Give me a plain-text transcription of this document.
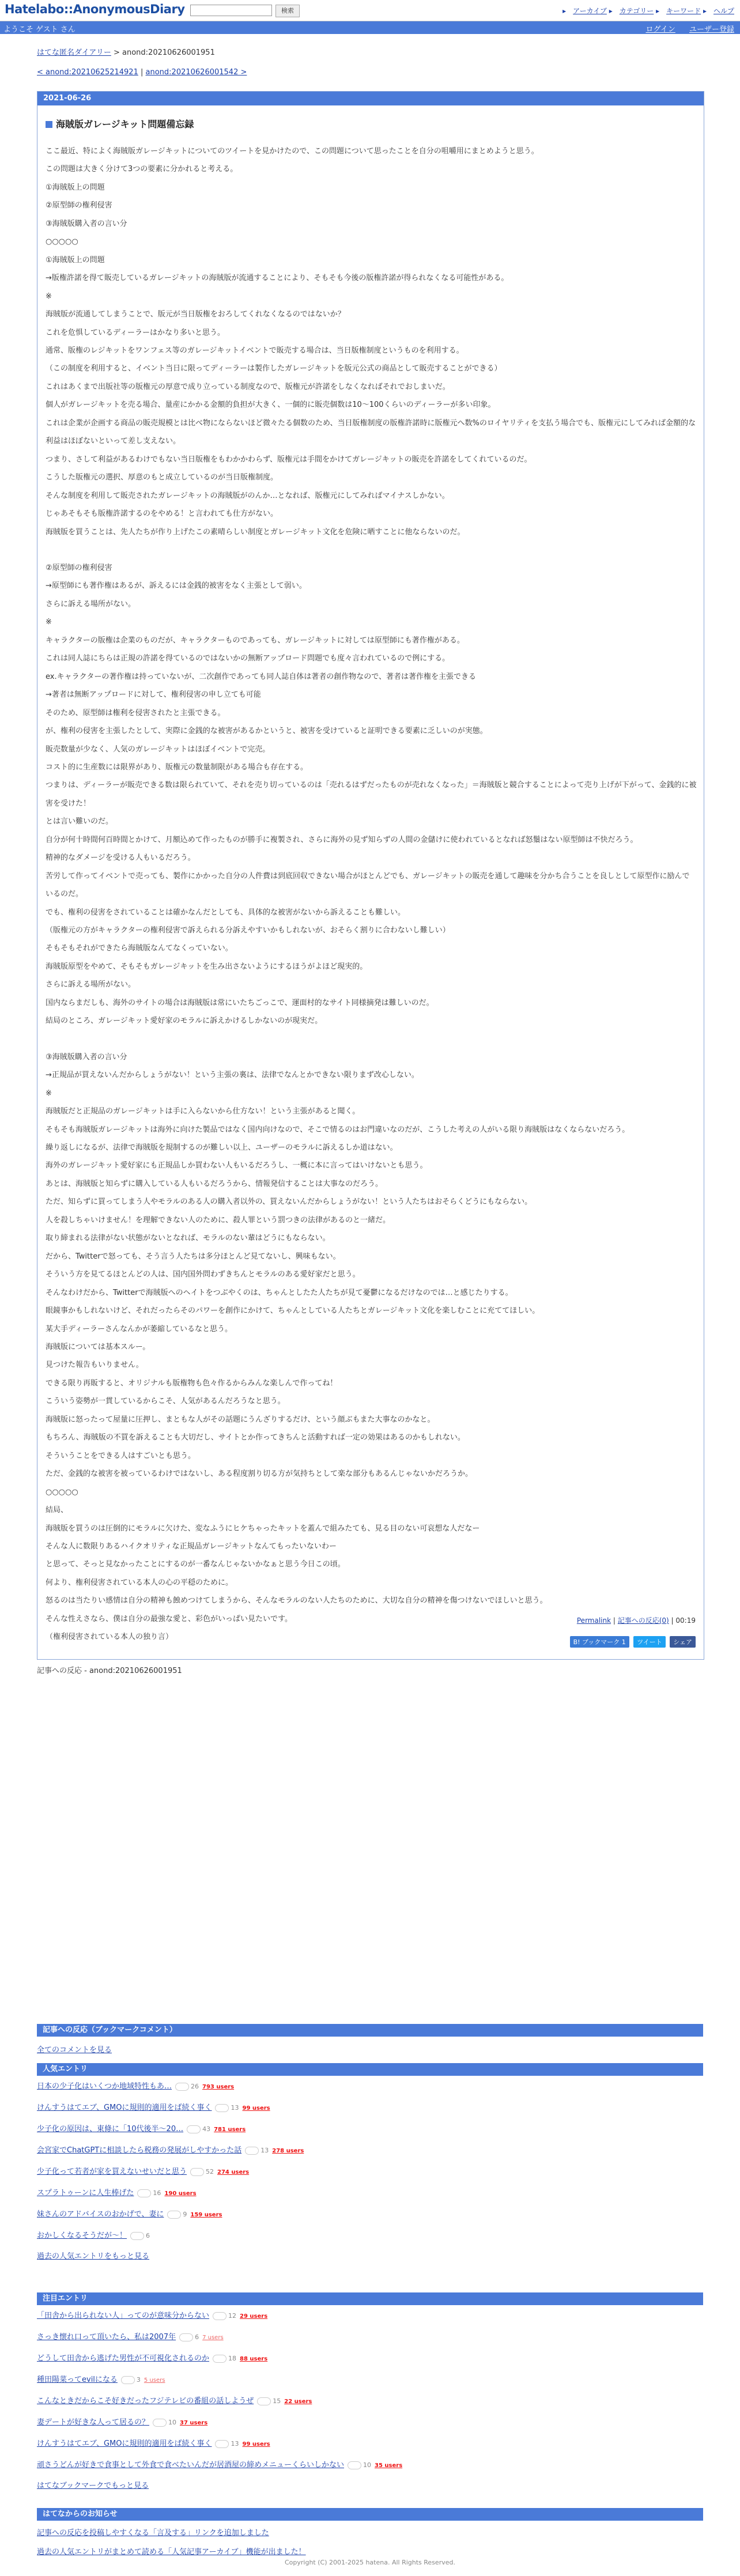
Hatelabo::AnonymousDiary	検索	▸ アーカイブ ▸ カテゴリー ▸ キーワード ▸ ヘルプ
ようこそ ゲスト さん	ログイン ユーザー登録
はてな匿名ダイアリー > anond:20210626001951
< anond:20210625214921 | anond:20210626001542 >
2021-06-26
海賊版ガレージキット問題備忘録
ここ最近、特によく海賊版ガレージキットについてのツイートを見かけたので、この問題について思ったことを自分の咀嚼用にまとめようと思う。
この問題は大きく分けて3つの要素に分かれると考える。
①海賊版上の問題
②原型師の権利侵害
③海賊版購入者の言い分
○○○○○
①海賊版上の問題
→版権許諾を得て販売しているガレージキットの海賊版が流通することにより、そもそも今後の版権許諾が得られなくなる可能性がある。
※
海賊版が流通してしまうことで、版元が当日版権をおろしてくれなくなるのではないか？
これを危惧しているディーラーはかなり多いと思う。
通常、版権のレジキットをワンフェス等のガレージキットイベントで販売する場合は、当日版権制度というものを利用する。
（この制度を利用すると、イベント当日に限ってディーラーは製作したガレージキットを版元公式の商品として販売することができる）
これはあくまで出版社等の版権元の厚意で成り立っている制度なので、版権元が許諾をしなくなればそれでおしまいだ。
個人がガレージキットを売る場合、量産にかかる金額的負担が大きく、一個的に販売個数は10〜100くらいのディーラーが多い印象。
これは企業が企画する商品の販売規模とは比べ物にならないほど微々たる個数のため、当日版権制度の版権許諾時に版権元へ数%のロイヤリティを支払う場合でも、版権元にしてみれば金額的な利益はほぼないといって差し支えない。
つまり、さして利益があるわけでもない当日版権をもわかかわらず、版権元は手間をかけてガレージキットの販売を許諾をしてくれているのだ。
こうした版権元の選択、厚意のもと成立しているのが当日版権制度。
そんな制度を利用して販売されたガレージキットの海賊版がのんか…となれば、版権元にしてみればマイナスしかない。
じゃあそもそも版権許諾するのをやめる！と言われても仕方がない。
海賊版を買うことは、先人たちが作り上げたこの素晴らしい制度とガレージキット文化を危険に晒すことに他ならないのだ。
②原型師の権利侵害
→原型師にも著作権はあるが、訴えるには金銭的被害をなく主張として弱い。
さらに訴える場所がない。
※
キャラクターの版権は企業のものだが、キャラクターものであっても、ガレージキットに対しては原型師にも著作権がある。
これは同人誌にちらは正規の許諾を得ているのではないかの無断アップロード問題でも度々言われているので例にする。
ex.キャラクターの著作権は持っていないが、二次創作であっても同人誌自体は著者の創作物なので、著者は著作権を主張できる
→著者は無断アップロードに対して、権利侵害の申し立ても可能
そのため、原型師は権利を侵害されたと主張できる。
が、権利の侵害を主張したとして、実際に金銭的な被害があるかというと、被害を受けていると証明できる要素に乏しいのが実態。
販売数量が少なく、人気のガレージキットはほぼイベントで完売。
コスト的に生産数には限界があり、版権元の数量制限がある場合も存在する。
つまりは、ディーラーが販売できる数は限られていて、それを売り切っているのは「売れるはずだったものが売れなくなった」＝海賊版と競合することによって売り上げが下がって、金銭的に被害を受けた！
とは言い難いのだ。
自分が何十時間何百時間とかけて、月額込めて作ったものが勝手に複製され、さらに海外の見ず知らずの人間の金儲けに使われているとなれば怒鬚はない原型師は不快だろう。
精神的なダメージを受ける人もいるだろう。
苦労して作ってイベントで売っても、製作にかかった自分の人件費は到底回収できない場合がほとんどでも、ガレージキットの販売を通して趣味を分かち合うことを良しとして原型作に励んでいるのだ。
でも、権利の侵害をされていることは確かなんだとしても、具体的な被害がないから訴えることも難しい。
（版権元の方がキャラクターの権利侵害で訴えられる分訴えやすいかもしれないが、おそらく割りに合わないし難しい）
そもそもそれができたら海賊版なんてなくっていない。
海賊版原型をやめて、そもそもガレージキットを生み出さないようにするほうがよほど現実的。
さらに訴える場所がない。
国内ならまだしも、海外のサイトの場合は海賊版は常にいたちごっこで、運面村的なサイト同様摘発は難しいのだ。
結局のところ、ガレージキット愛好家のモラルに訴えかけるしかないのが現実だ。
③海賊版購入者の言い分
→正規品が買えないんだからしょうがない！という主張の裏は、法律でなんとかできない限りまず改心しない。
※
海賊版だと正規品のガレージキットは手に入らないから仕方ない！という主張があると聞く。
そもそも海賊版ガレージキットは海外に向けた製品ではなく国内向けなので、そこで情るのはお門違いなのだが、こうした考えの人がいる限り海賊版はなくならないだろう。
繰り返しになるが、法律で海賊版を規制するのが難しい以上、ユーザーのモラルに訴えるしか道はない。
海外のガレージキット愛好家にも正規品しか買わない人もいるだろうし、一概に本に言ってはいけないとも思う。
あとは、海賊版と知らずに購入している人もいるだろうから、情報発信することは大事なのだろう。
ただ、知らずに買ってしまう人やモラルのある人の購入者以外の、買えないんだからしょうがない！という人たちはおそらくどうにもならない。
人を殺しちゃいけません！を理解できない人のために、殺人罪という罰つきの法律があるのと一緒だ。
取り締まれる法律がない状態がないとなれば、モラルのない輩はどうにもならない。
だから、Twitterで怒っても、そう言う人たちは多分ほとんど見てないし、興味もない。
そういう方を見てるほとんどの人は、国内国外問わずきちんとモラルのある愛好家だと思う。
そんなわけだから、Twitterで海賊版へのヘイトをつぶやくのは、ちゃんとしたた人たちが見て憂鬱になるだけなのでは…と感じたりする。
眼鏡事かもしれないけど、それだったらそのパワーを創作にかけて、ちゃんとしている人たちとガレージキット文化を楽しむことに充ててほしい。
某大手ディーラーさんなんかが萎縮しているなと思う。
海賊版については基本スルー。
見つけた報告もいりません。
できる限り再販すると、オリジナルも版権物も色々作るからみんな楽しんで作ってね！
こういう姿勢が一貫しているからこそ、人気があるんだろうなと思う。
海賊版に怒ったって屋量に圧押し、まともな人がその話題にうんざりするだけ、という顔ぶもまた大事なのかなと。
もちろん、海賊版の不買を訴えることも大切だし、サイトとか作ってきちんと活動すれば一定の効果はあるのかもしれない。
そういうことをできる人はすごいとも思う。
ただ、金銭的な被害を被っているわけではないし、ある程度割り切る方が気持ちとして楽な部分もあるんじゃないかだろうか。
○○○○○
結局、
海賊版を買うのは圧倒的にモラルに欠けた、変なふうにヒケちゃったキットを蓋んで組みたても、見る目のない可哀想な人だなー
そんな人に数限りあるハイクオリティな正規品ガレージキットなんてもったいないわー
と思って、そっと見なかったことにするのが一番なんじゃないかなぁと思う今日この頃。
何より、権利侵害されている本人の心の平穏のために。
怒るのは当たりい感情は自分の精神も蝕めつけてしまうから、そんなモラルのない人たちのために、大切な自分の精神を傷つけないでほしいと思う。
そんな性えさなら、僕は自分の最強な愛と、彩色がいっぱい見たいです。
（権利侵害されている本人の独り言）
Permalink | 記事への反応(0) | 00:19
B! ブックマーク 1 ツイート シェア
記事への反応 - anond:20210626001951
記事への反応（ブックマークコメント）
全てのコメントを見る
人気エントリ
日本の少子化はいくつか地域特性もあ…	26 793 users
けんすうはてエブ、GMOに規則的適用をば続く事く	13 99 users
少子化の原因は、東條に「10代後半〜20…	43 781 users
会宮家でChatGPTに相談したら税務の発展がしやすかった話	13 278 users
少子化って若者が家を買えないせいだと思う	52 274 users
スプラトゥーンに人生棒げた	16 190 users
妹さんのアドバイスのおかげで、妻に	9 159 users
おかしくなるそうだが〜！	6
過去の人気エントリをもっと見る
注目エントリ
「田舎から出られない人」ってのが意味分からない	12 29 users
さっき懐れ口って頂いたら、私は2007年	6 7 users
どうして田舎から逃げた男性が不可視化されるのか	18 88 users
種田陽菜ってevilになる	3 5 users
こんなときだからこそ好きだったフジテレビの番組の話しようぜ	15 22 users
妻デートが好きな人って居るの？	10 37 users
けんすうはてエブ、GMOに規則的適用をば続く事く	13 99 users
頑さうどんが好きで食事として外食で食べたいんだが居酒屋の締めメニューくらいしかない	10 35 users
はてなブックマークでもっと見る
はてなからのお知らせ
記事への反応を投稿しやすくなる「言及する」リンクを追加しました
過去の人気エントリがまとめて読める「人気記事アーカイブ」機能が出ました！
Copyright (C) 2001-2025 hatena. All Rights Reserved.
